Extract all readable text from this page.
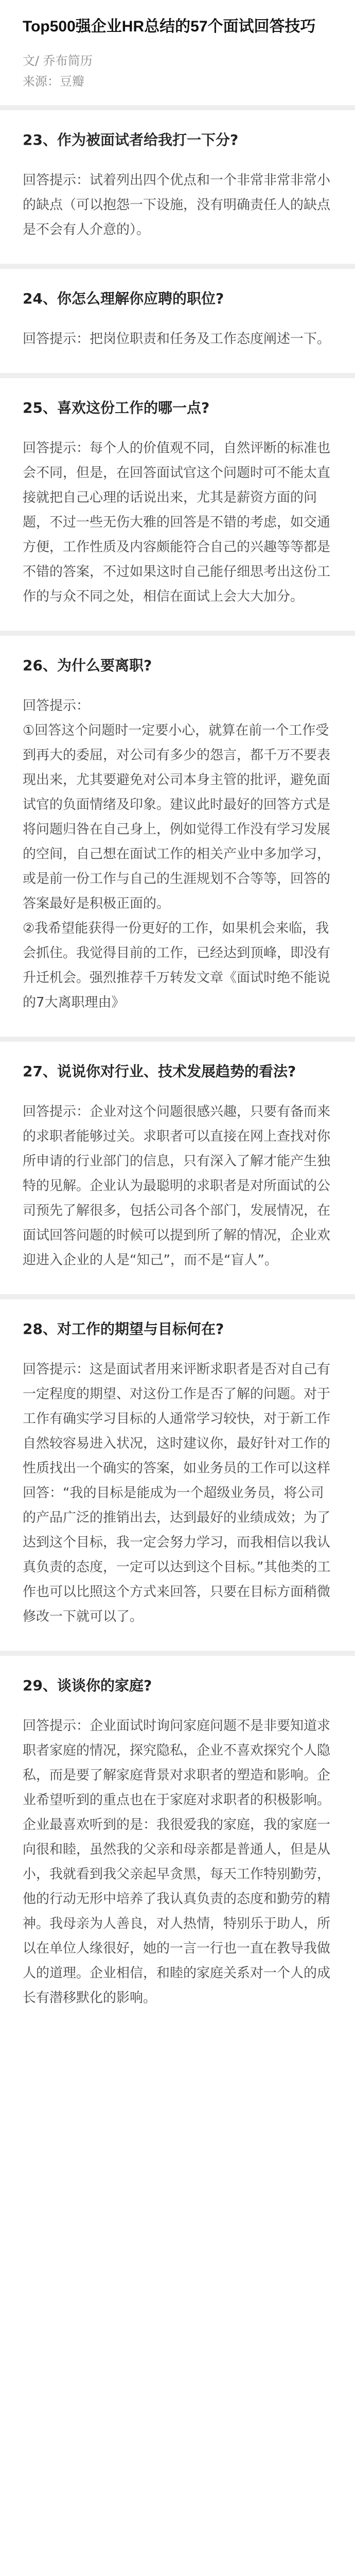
Top500强企业HR总结的57个面试回答技巧
文/ 乔布简历
来源：豆瓣
23、作为被面试者给我打一下分?

回答提示：试着列出四个优点和一个非常非常非常小的缺点（可以抱怨一下设施，没有明确责任人的缺点是不会有人介意的）。

24、你怎么理解你应聘的职位?

回答提示：把岗位职责和任务及工作态度阐述一下。

25、喜欢这份工作的哪一点?

回答提示：每个人的价值观不同，自然评断的标准也会不同，但是，在回答面试官这个问题时可不能太直接就把自己心理的话说出来，尤其是薪资方面的问题，不过一些无伤大雅的回答是不错的考虑，如交通方便，工作性质及内容颇能符合自己的兴趣等等都是不错的答案，不过如果这时自己能仔细思考出这份工作的与众不同之处，相信在面试上会大大加分。

26、为什么要离职?

回答提示：

①回答这个问题时一定要小心，就算在前一个工作受到再大的委屈，对公司有多少的怨言，都千万不要表现出来，尤其要避免对公司本身主管的批评，避免面试官的负面情绪及印象。建议此时最好的回答方式是将问题归咎在自己身上，例如觉得工作没有学习发展的空间，自己想在面试工作的相关产业中多加学习，或是前一份工作与自己的生涯规划不合等等，回答的答案最好是积极正面的。

②我希望能获得一份更好的工作，如果机会来临，我会抓住。我觉得目前的工作，已经达到顶峰，即没有升迁机会。强烈推荐千万转发文章《面试时绝不能说的7大离职理由》

27、说说你对行业、技术发展趋势的看法?

回答提示：企业对这个问题很感兴趣，只要有备而来的求职者能够过关。求职者可以直接在网上查找对你所申请的行业部门的信息，只有深入了解才能产生独特的见解。企业认为最聪明的求职者是对所面试的公司预先了解很多，包括公司各个部门，发展情况，在面试回答问题的时候可以提到所了解的情况，企业欢迎进入企业的人是“知己”，而不是“盲人”。

28、对工作的期望与目标何在?

回答提示：这是面试者用来评断求职者是否对自己有一定程度的期望、对这份工作是否了解的问题。对于工作有确实学习目标的人通常学习较快，对于新工作自然较容易进入状况，这时建议你，最好针对工作的性质找出一个确实的答案，如业务员的工作可以这样回答：“我的目标是能成为一个超级业务员，将公司的产品广泛的推销出去，达到最好的业绩成效；为了达到这个目标，我一定会努力学习，而我相信以我认真负责的态度，一定可以达到这个目标。”其他类的工作也可以比照这个方式来回答，只要在目标方面稍微修改一下就可以了。

29、谈谈你的家庭?

回答提示：企业面试时询问家庭问题不是非要知道求职者家庭的情况，探究隐私，企业不喜欢探究个人隐私，而是要了解家庭背景对求职者的塑造和影响。企业希望听到的重点也在于家庭对求职者的积极影响。企业最喜欢听到的是：我很爱我的家庭，我的家庭一向很和睦，虽然我的父亲和母亲都是普通人，但是从小，我就看到我父亲起早贪黑，每天工作特别勤劳，他的行动无形中培养了我认真负责的态度和勤劳的精神。我母亲为人善良，对人热情，特别乐于助人，所以在单位人缘很好，她的一言一行也一直在教导我做人的道理。企业相信，和睦的家庭关系对一个人的成长有潜移默化的影响。
